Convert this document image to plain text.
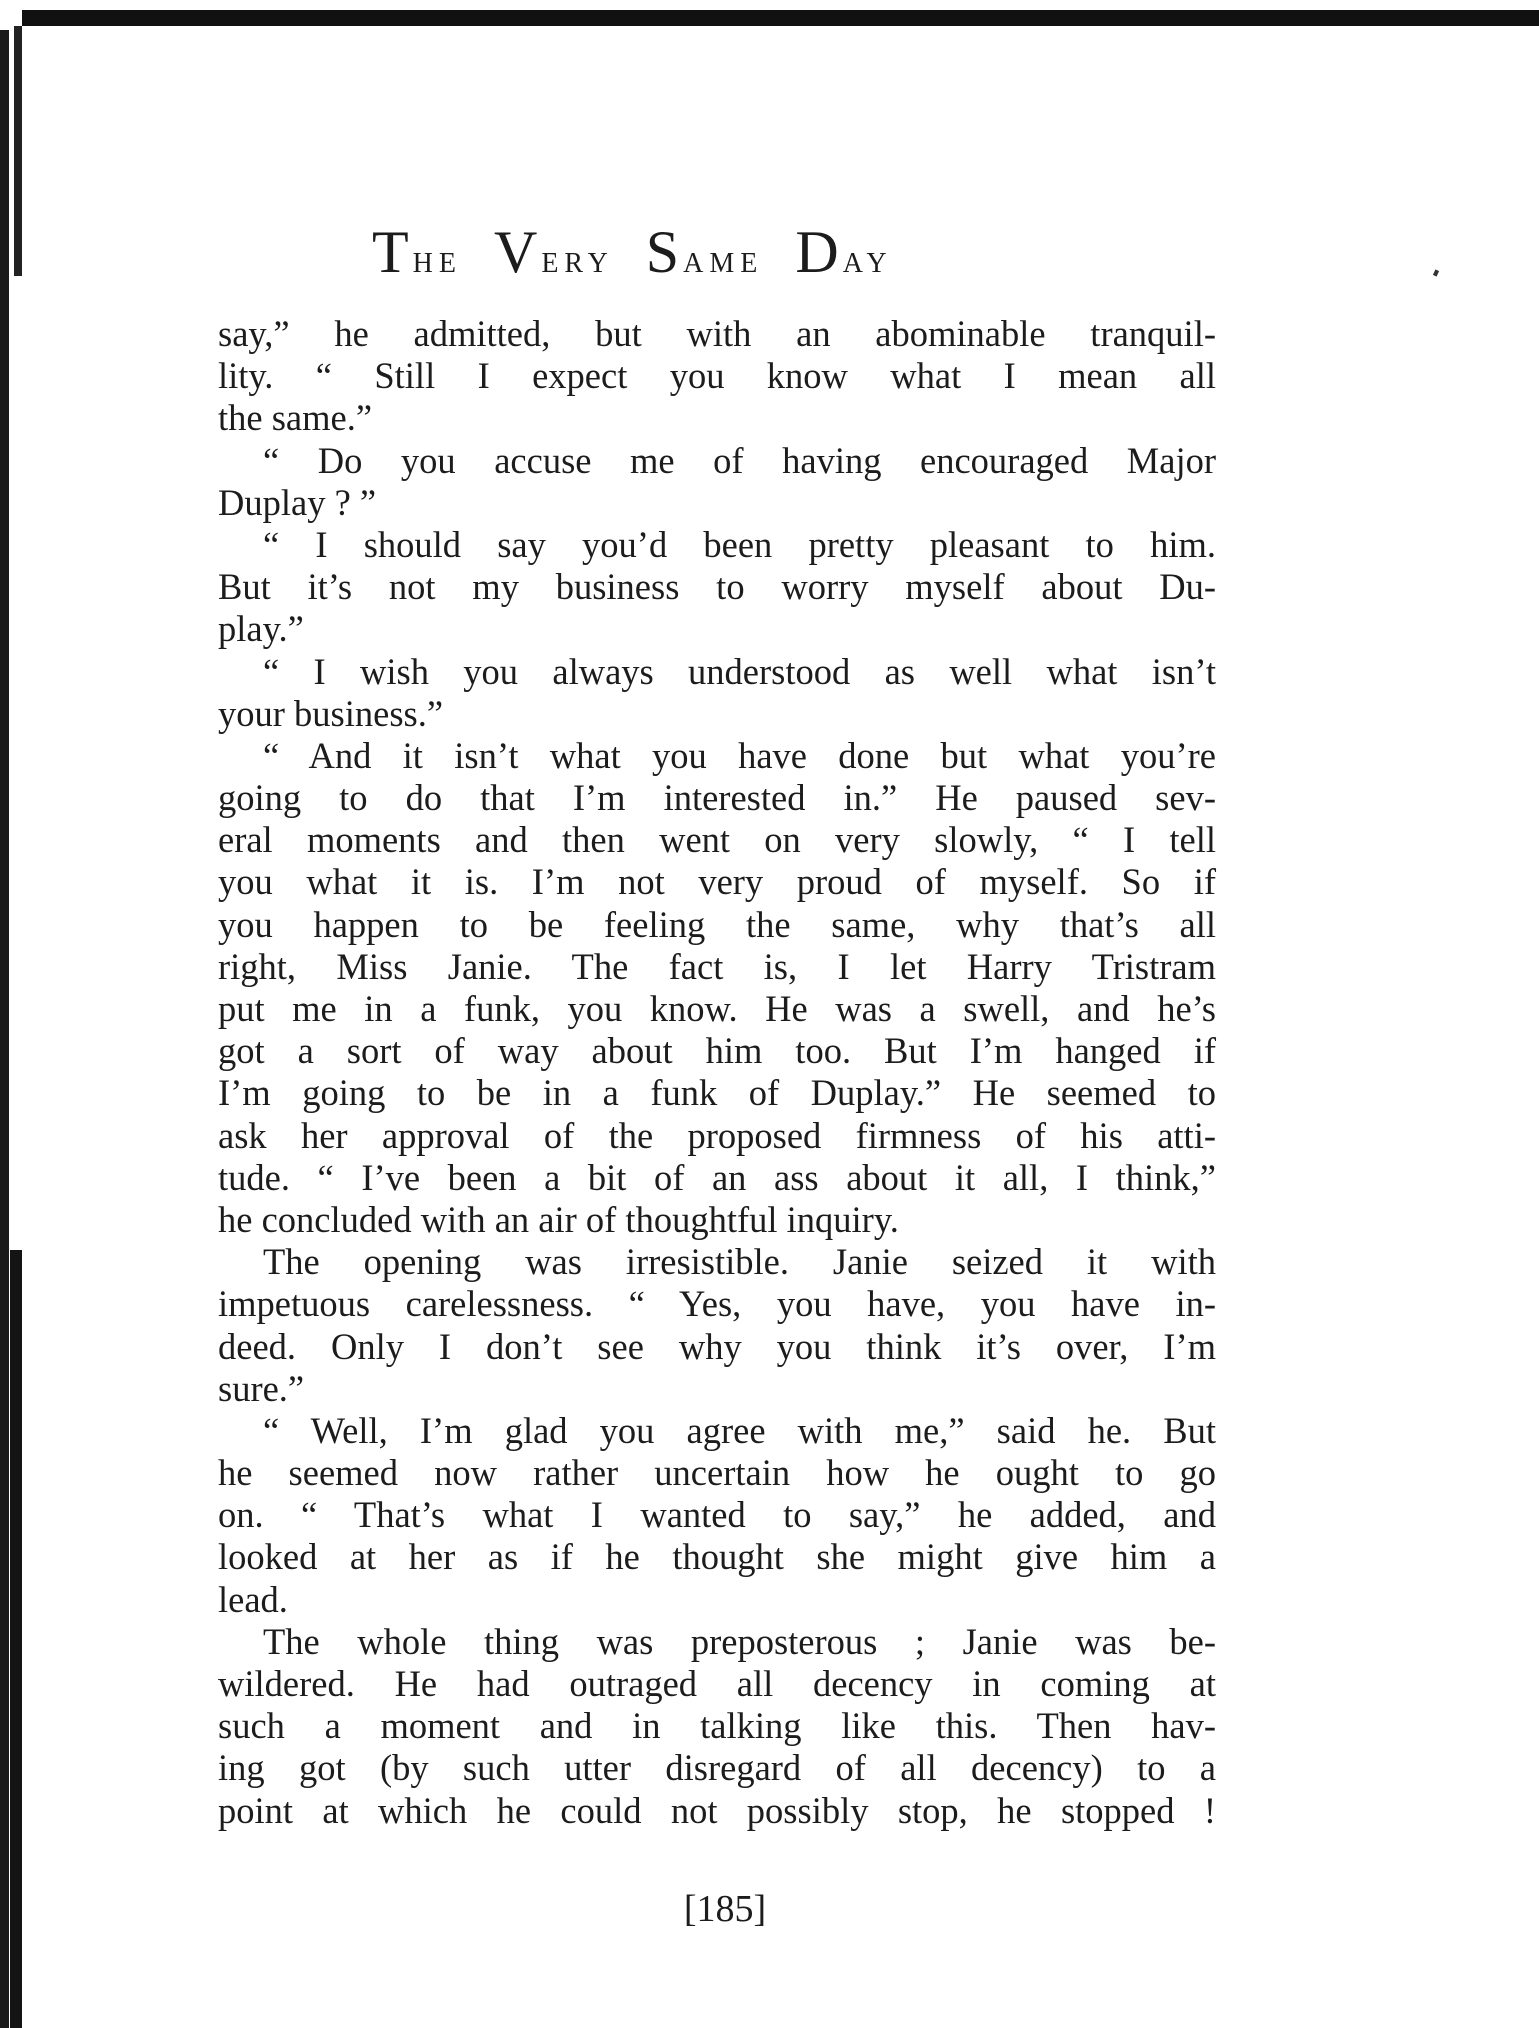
The Very Same Day
say,” he admitted, but with an abominable tranquil-
lity. “ Still I expect you know what I mean all
the same.”
“ Do you accuse me of having encouraged Major
Duplay ? ”
“ I should say you’d been pretty pleasant to him.
But it’s not my business to worry myself about Du-
play.”
“ I wish you always understood as well what isn’t
your business.”
“ And it isn’t what you have done but what you’re
going to do that I’m interested in.” He paused sev-
eral moments and then went on very slowly, “ I tell
you what it is. I’m not very proud of myself. So if
you happen to be feeling the same, why that’s all
right, Miss Janie. The fact is, I let Harry Tristram
put me in a funk, you know. He was a swell, and he’s
got a sort of way about him too. But I’m hanged if
I’m going to be in a funk of Duplay.” He seemed to
ask her approval of the proposed firmness of his atti-
tude. “ I’ve been a bit of an ass about it all, I think,”
he concluded with an air of thoughtful inquiry.
The opening was irresistible. Janie seized it with
impetuous carelessness. “ Yes, you have, you have in-
deed. Only I don’t see why you think it’s over, I’m
sure.”
“ Well, I’m glad you agree with me,” said he. But
he seemed now rather uncertain how he ought to go
on. “ That’s what I wanted to say,” he added, and
looked at her as if he thought she might give him a
lead.
The whole thing was preposterous ; Janie was be-
wildered. He had outraged all decency in coming at
such a moment and in talking like this. Then hav-
ing got (by such utter disregard of all decency) to a
point at which he could not possibly stop, he stopped !
[185]
